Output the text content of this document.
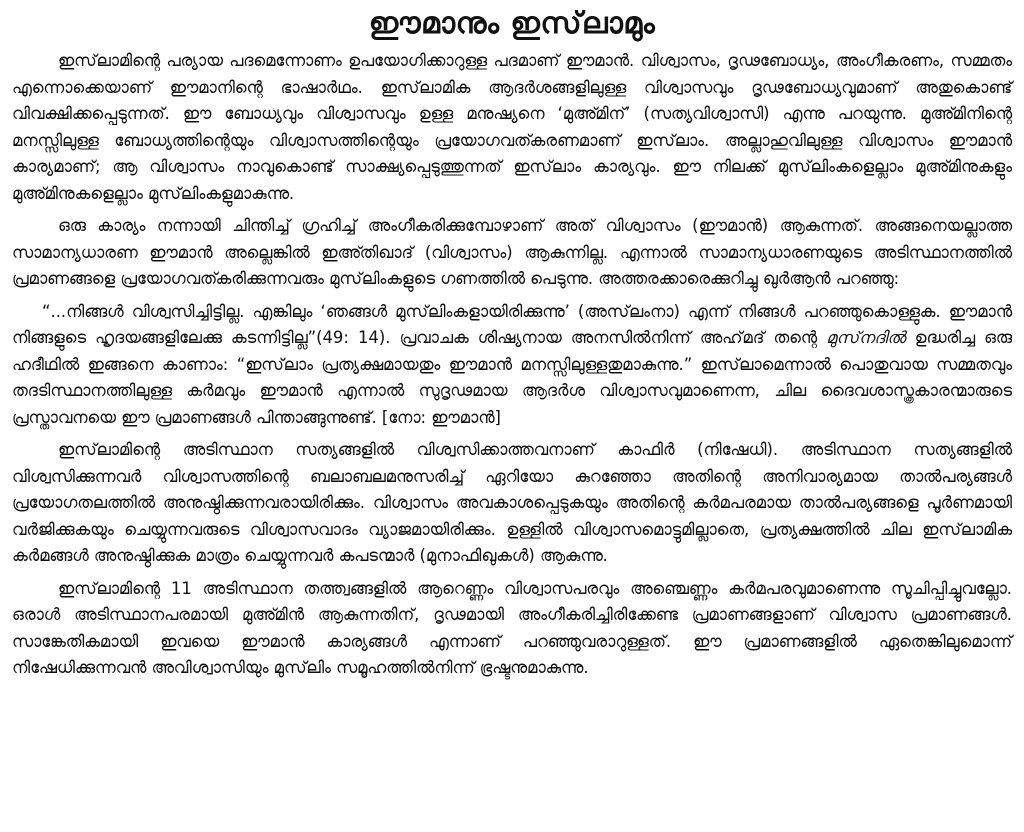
ഈമാനും ഇസ്‌ലാമും

ഇസ്‌ലാമിന്റെ പര്യായ പദമെന്നോണം ഉപയോഗിക്കാറുള്ള പദമാണ് ഈമാൻ. വിശ്വാസം, ദൃഢബോധ്യം, അംഗീകരണം, സമ്മതം എന്നൊക്കെയാണ് ഈമാനിന്റെ ഭാഷാർഥം. ഇസ്‌ലാമിക ആദർശങ്ങളിലുള്ള വിശ്വാസവും ദൃഢബോധ്യവുമാണ് അതുകൊണ്ട് വിവക്ഷിക്കപ്പെടുന്നത്. ഈ ബോധ്യവും വിശ്വാസവും ഉള്ള മനുഷ്യനെ ‘മുഅ്മിന്’ (സത്യവിശ്വാസി) എന്നു പറയുന്നു. മുഅ്മിനിന്റെ മനസ്സിലുള്ള ബോധ്യത്തിന്റെയും വിശ്വാസത്തിന്റെയും പ്രയോഗവത്കരണമാണ് ഇസ്‌ലാം. അല്ലാഹുവിലുള്ള വിശ്വാസം ഈമാൻ കാര്യമാണ്; ആ വിശ്വാസം നാവുകൊണ്ട് സാക്ഷ്യപ്പെടുത്തുന്നത് ഇസ്‌ലാം കാര്യവും. ഈ നിലക്ക് മുസ്‌ലിംകളെല്ലാം മുഅ്മിനുകളും മുഅ്മിനുകളെല്ലാം മുസ്‌ലിംകളുമാകുന്നു.

ഒരു കാര്യം നന്നായി ചിന്തിച്ച് ഗ്രഹിച്ച് അംഗീകരിക്കുമ്പോഴാണ് അത് വിശ്വാസം (ഈമാൻ) ആകുന്നത്. അങ്ങനെയല്ലാത്ത സാമാന്യധാരണ ഈമാൻ അല്ലെങ്കിൽ ഇഅ്തിഖാദ് (വിശ്വാസം) ആകുന്നില്ല. എന്നാൽ സാമാന്യധാരണയുടെ അടിസ്ഥാനത്തിൽ പ്രമാണങ്ങളെ പ്രയോഗവത്കരിക്കുന്നവരും മുസ്‌ലിംകളുടെ ഗണത്തിൽ പെടുന്നു. അത്തരക്കാരെക്കുറിച്ചു ഖുർആൻ പറഞ്ഞു:

“...നിങ്ങൾ വിശ്വസിച്ചിട്ടില്ല. എങ്കിലും ‘ഞങ്ങൾ മുസ്‌ലിംകളായിരിക്കുന്നു’ (അസ്‌ലംനാ) എന്ന് നിങ്ങൾ പറഞ്ഞുകൊള്ളുക. ഈമാൻ നിങ്ങളുടെ ഹൃദയങ്ങളിലേക്കു കടന്നിട്ടില്ല”(49: 14). പ്രവാചക ശിഷ്യനായ അനസിൽനിന്ന് അഹ്‌മദ് തന്റെ മുസ്‌നദിൽ ഉദ്ധരിച്ച ഒരു ഹദീഥിൽ ഇങ്ങനെ കാണാം: “ഇസ്‌ലാം പ്രത്യക്ഷമായതും ഈമാൻ മനസ്സിലുള്ളതുമാകുന്നു.” ഇസ്‌ലാമെന്നാൽ പൊതുവായ സമ്മതവും തദടിസ്ഥാനത്തിലുള്ള കർമവും ഈമാൻ എന്നാൽ സുദൃഢമായ ആദർശ വിശ്വാസവുമാണെന്ന, ചില ദൈവശാസ്ത്രകാരന്മാരുടെ പ്രസ്താവനയെ ഈ പ്രമാണങ്ങൾ പിന്താങ്ങുന്നുണ്ട്. [നോ: ഈമാൻ]

ഇസ്‌ലാമിന്റെ അടിസ്ഥാന സത്യങ്ങളിൽ വിശ്വസിക്കാത്തവനാണ് കാഫിർ (നിഷേധി). അടിസ്ഥാന സത്യങ്ങളിൽ വിശ്വസിക്കുന്നവർ വിശ്വാസത്തിന്റെ ബലാബലമനുസരിച്ച് ഏറിയോ കുറഞ്ഞോ അതിന്റെ അനിവാര്യമായ താൽപര്യങ്ങൾ പ്രയോഗതലത്തിൽ അനുഷ്ഠിക്കുന്നവരായിരിക്കും. വിശ്വാസം അവകാശപ്പെടുകയും അതിന്റെ കർമപരമായ താൽപര്യങ്ങളെ പൂർണമായി വർജിക്കുകയും ചെയ്യുന്നവരുടെ വിശ്വാസവാദം വ്യാജമായിരിക്കും. ഉള്ളിൽ വിശ്വാസമൊട്ടുമില്ലാതെ, പ്രത്യക്ഷത്തിൽ ചില ഇസ്‌ലാമിക കർമങ്ങൾ അനുഷ്ഠിക്കുക മാത്രം ചെയ്യുന്നവർ കപടന്മാർ (മുനാഫിഖുകൾ) ആകുന്നു.

ഇസ്‌ലാമിന്റെ 11 അടിസ്ഥാന തത്ത്വങ്ങളിൽ ആറെണ്ണം വിശ്വാസപരവും അഞ്ചെണ്ണം കർമപരവുമാണെന്നു സൂചിപ്പിച്ചുവല്ലോ. ഒരാൾ അടിസ്ഥാനപരമായി മുഅ്മിൻ ആകുന്നതിന്, ദൃഢമായി അംഗീകരിച്ചിരിക്കേണ്ട പ്രമാണങ്ങളാണ് വിശ്വാസ പ്രമാണങ്ങൾ. സാങ്കേതികമായി ഇവയെ ഈമാൻ കാര്യങ്ങൾ എന്നാണ് പറഞ്ഞുവരാറുള്ളത്. ഈ പ്രമാണങ്ങളിൽ ഏതെങ്കിലുമൊന്ന് നിഷേധിക്കുന്നവൻ അവിശ്വാസിയും മുസ്‌ലിം സമൂഹത്തിൽനിന്ന് ഭ്രഷ്ടനുമാകുന്നു.
